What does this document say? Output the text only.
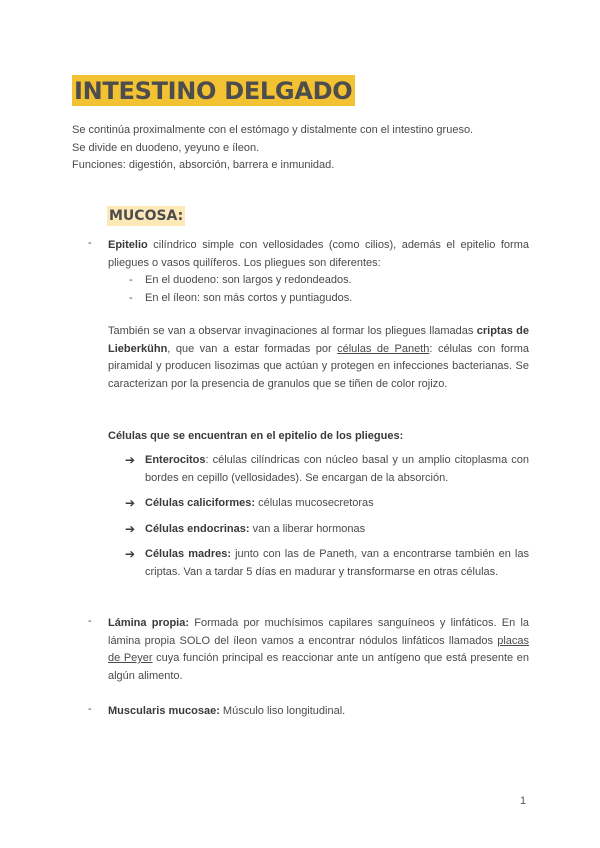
INTESTINO DELGADO
Se continúa proximalmente con el estómago y distalmente con el intestino grueso.
Se divide en duodeno, yeyuno e íleon.
Funciones: digestión, absorción, barrera e inmunidad.
MUCOSA:
- Epitelio cilíndrico simple con vellosidades (como cilios), además el epitelio forma pliegues o vasos quilíferos. Los pliegues son diferentes:
- En el duodeno: son largos y redondeados.
- En el íleon: son más cortos y puntiagudos.
También se van a observar invaginaciones al formar los pliegues llamadas criptas de Lieberkühn, que van a estar formadas por células de Paneth: células con forma piramidal y producen lisozimas que actúan y protegen en infecciones bacterianas. Se caracterizan por la presencia de granulos que se tiñen de color rojizo.
Células que se encuentran en el epitelio de los pliegues:
➔ Enterocitos: células cilíndricas con núcleo basal y un amplio citoplasma con bordes en cepillo (vellosidades). Se encargan de la absorción.
➔ Células caliciformes: células mucosecretoras
➔ Células endocrinas: van a liberar hormonas
➔ Células madres: junto con las de Paneth, van a encontrarse también en las criptas. Van a tardar 5 días en madurar y transformarse en otras células.
- Lámina propia: Formada por muchísimos capilares sanguíneos y linfáticos. En la lámina propia SOLO del íleon vamos a encontrar nódulos linfáticos llamados placas de Peyer cuya función principal es reaccionar ante un antígeno que está presente en algún alimento.
- Muscularis mucosae: Músculo liso longitudinal.
1
